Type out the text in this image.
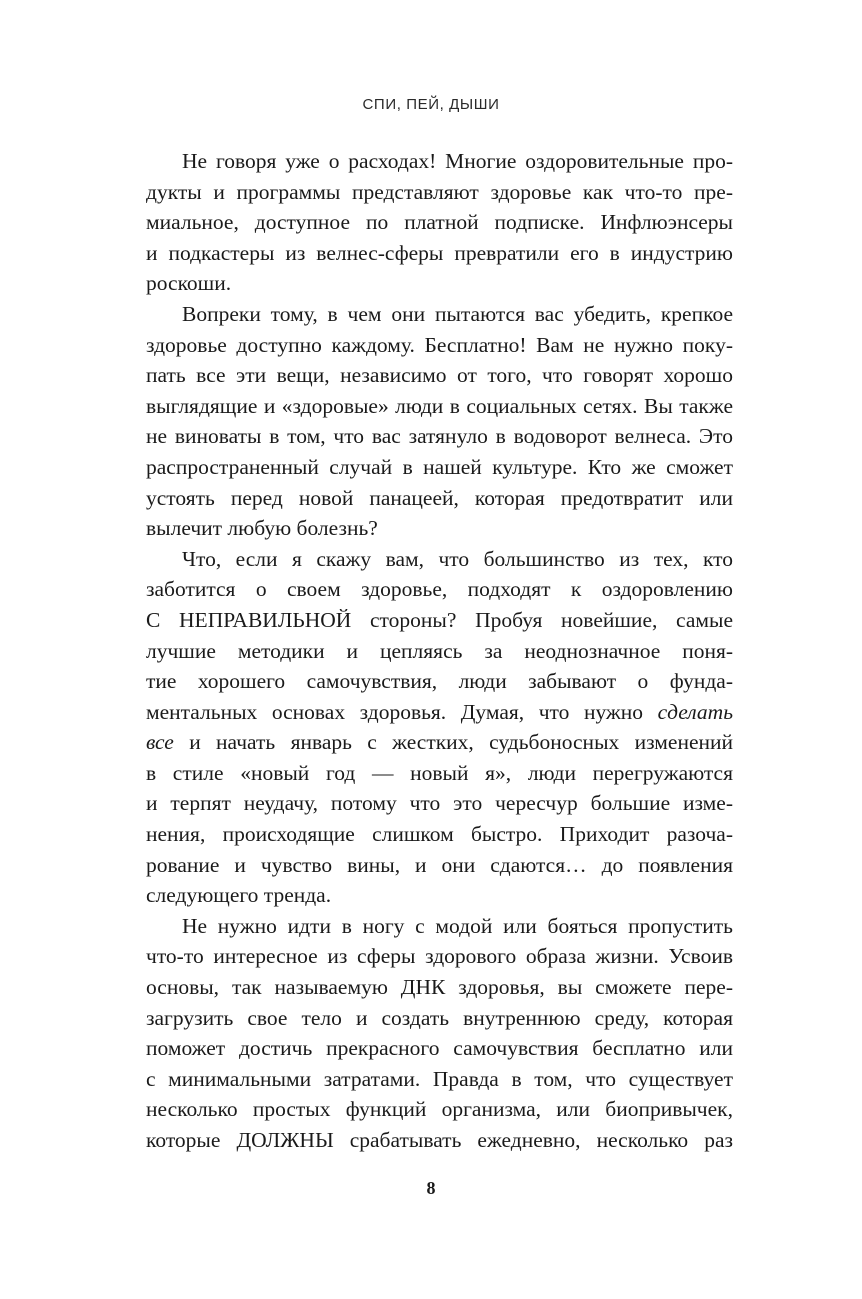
СПИ, ПЕЙ, ДЫШИ
Не говоря уже о расходах! Многие оздоровительные про-
дукты и программы представляют здоровье как что-то пре-
миальное, доступное по платной подписке. Инфлюэнсеры
и подкастеры из велнес-сферы превратили его в индустрию
роскоши.
Вопреки тому, в чем они пытаются вас убедить, крепкое
здоровье доступно каждому. Бесплатно! Вам не нужно поку-
пать все эти вещи, независимо от того, что говорят хорошо
выглядящие и «здоровые» люди в социальных сетях. Вы также
не виноваты в том, что вас затянуло в водоворот велнеса. Это
распространенный случай в нашей культуре. Кто же сможет
устоять перед новой панацеей, которая предотвратит или
вылечит любую болезнь?
Что, если я скажу вам, что большинство из тех, кто
заботится о своем здоровье, подходят к оздоровлению
С НЕПРАВИЛЬНОЙ стороны? Пробуя новейшие, самые
лучшие методики и цепляясь за неоднозначное поня-
тие хорошего самочувствия, люди забывают о фунда-
ментальных основах здоровья. Думая, что нужно сделать
все и начать январь с жестких, судьбоносных изменений
в стиле «новый год — новый я», люди перегружаются
и терпят неудачу, потому что это чересчур большие изме-
нения, происходящие слишком быстро. Приходит разоча-
рование и чувство вины, и они сдаются… до появления
следующего тренда.
Не нужно идти в ногу с модой или бояться пропустить
что-то интересное из сферы здорового образа жизни. Усвоив
основы, так называемую ДНК здоровья, вы сможете пере-
загрузить свое тело и создать внутреннюю среду, которая
поможет достичь прекрасного самочувствия бесплатно или
с минимальными затратами. Правда в том, что существует
несколько простых функций организма, или биопривычек,
которые ДОЛЖНЫ срабатывать ежедневно, несколько раз
8
